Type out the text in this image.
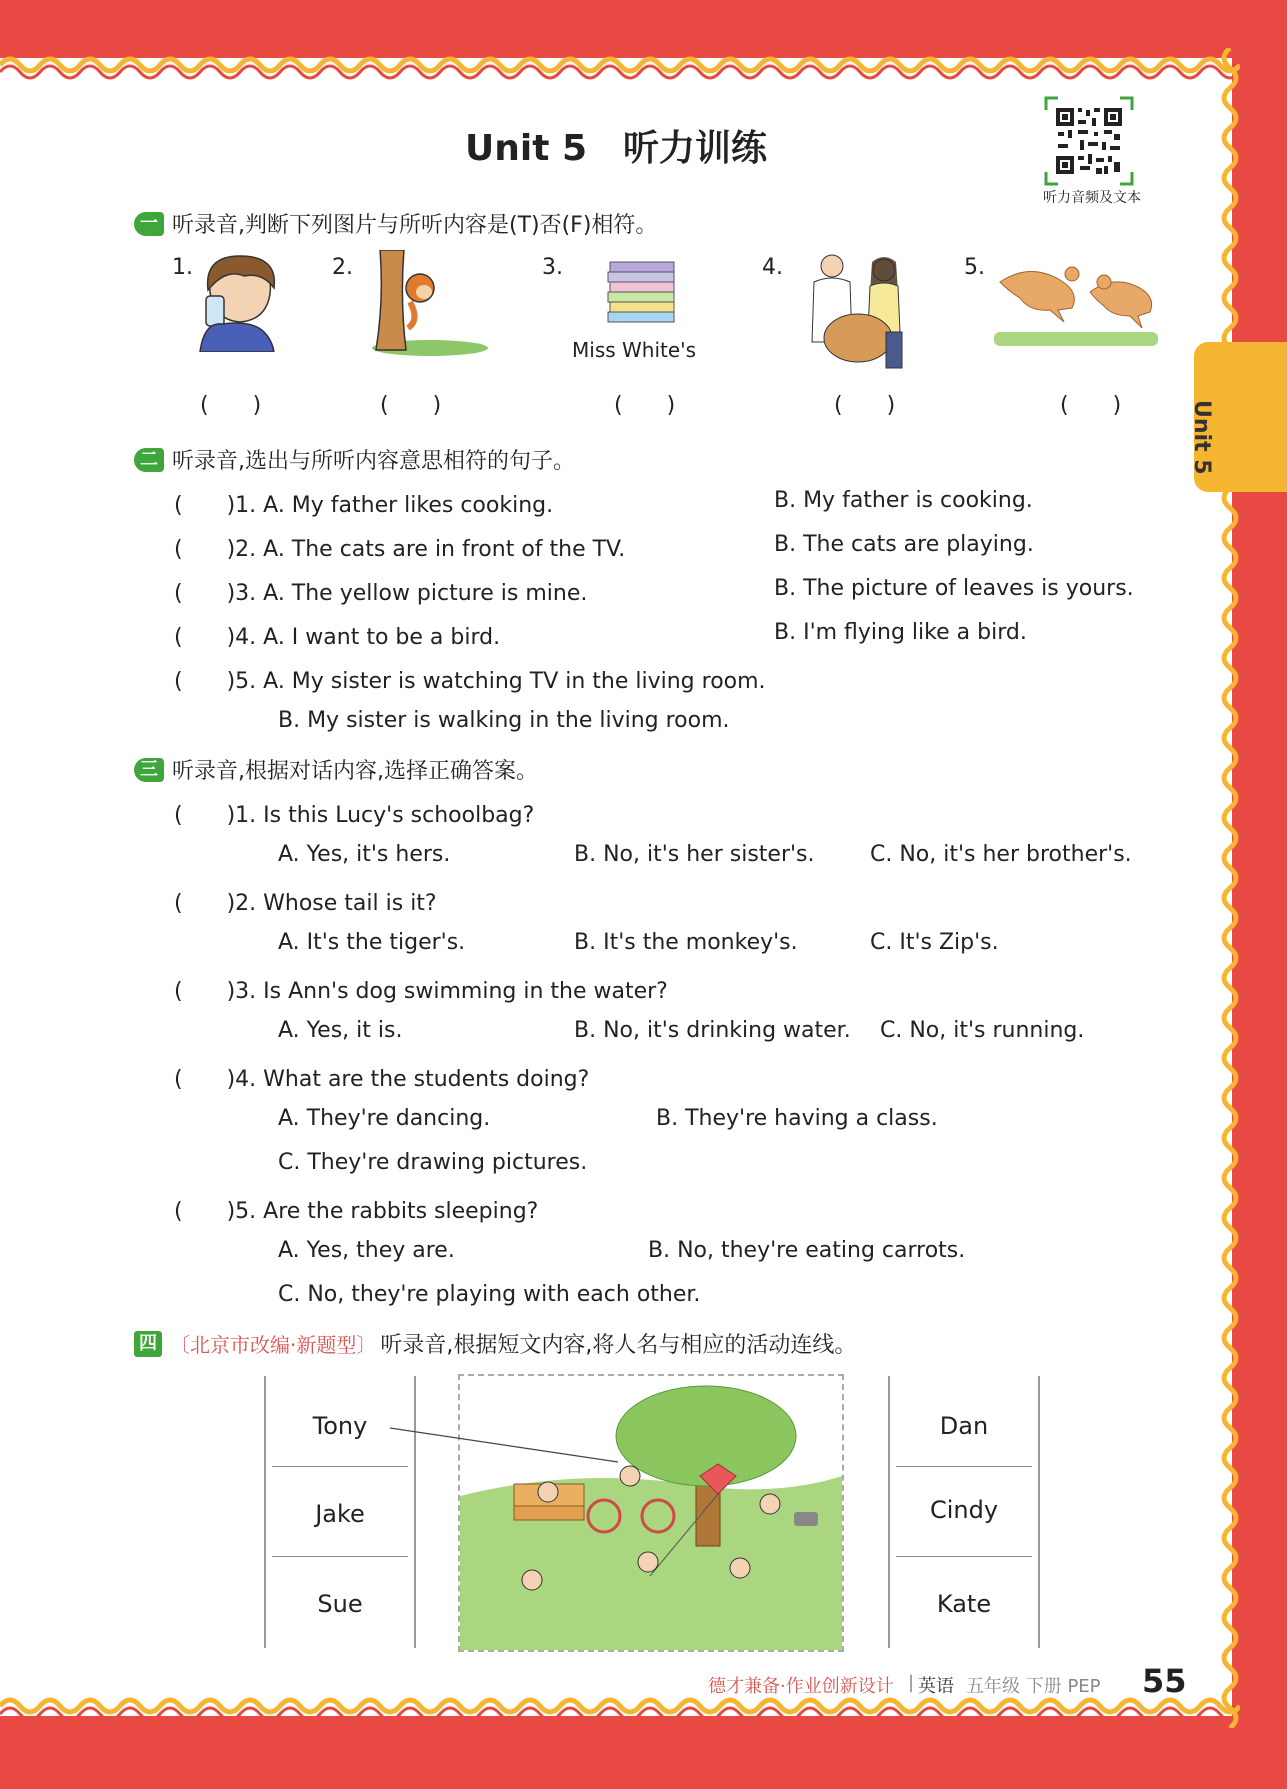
Unit 5　听力训练
听力音频及文本
Unit 5
一 听录音,判断下列图片与所听内容是(T)否(F)相符。
1.	2.	3.	4.	5.
Miss White's
(　　)	(　　)	(　　)	(　　)	(　　)
二 听录音,选出与所听内容意思相符的句子。
(　　)1. A. My father likes cooking.	B. My father is cooking.
(　　)2. A. The cats are in front of the TV.	B. The cats are playing.
(　　)3. A. The yellow picture is mine.	B. The picture of leaves is yours.
(　　)4. A. I want to be a bird.	B. I'm flying like a bird.
(　　)5. A. My sister is watching TV in the living room.
B. My sister is walking in the living room.
三 听录音,根据对话内容,选择正确答案。
(　　)1. Is this Lucy's schoolbag?
A. Yes, it's hers.	B. No, it's her sister's.	C. No, it's her brother's.
(　　)2. Whose tail is it?
A. It's the tiger's.	B. It's the monkey's.	C. It's Zip's.
(　　)3. Is Ann's dog swimming in the water?
A. Yes, it is.	B. No, it's drinking water. C. No, it's running.
(　　)4. What are the students doing?
A. They're dancing.	B. They're having a class.
C. They're drawing pictures.
(　　)5. Are the rabbits sleeping?
A. Yes, they are.	B. No, they're eating carrots.
C. No, they're playing with each other.
四 〔北京市改编·新题型〕 听录音,根据短文内容,将人名与相应的活动连线。
Tony
Jake
Sue
Dan
Cindy
Kate
德才兼备·作业创新设计 | 英语 五年级 下册 PEP 55
